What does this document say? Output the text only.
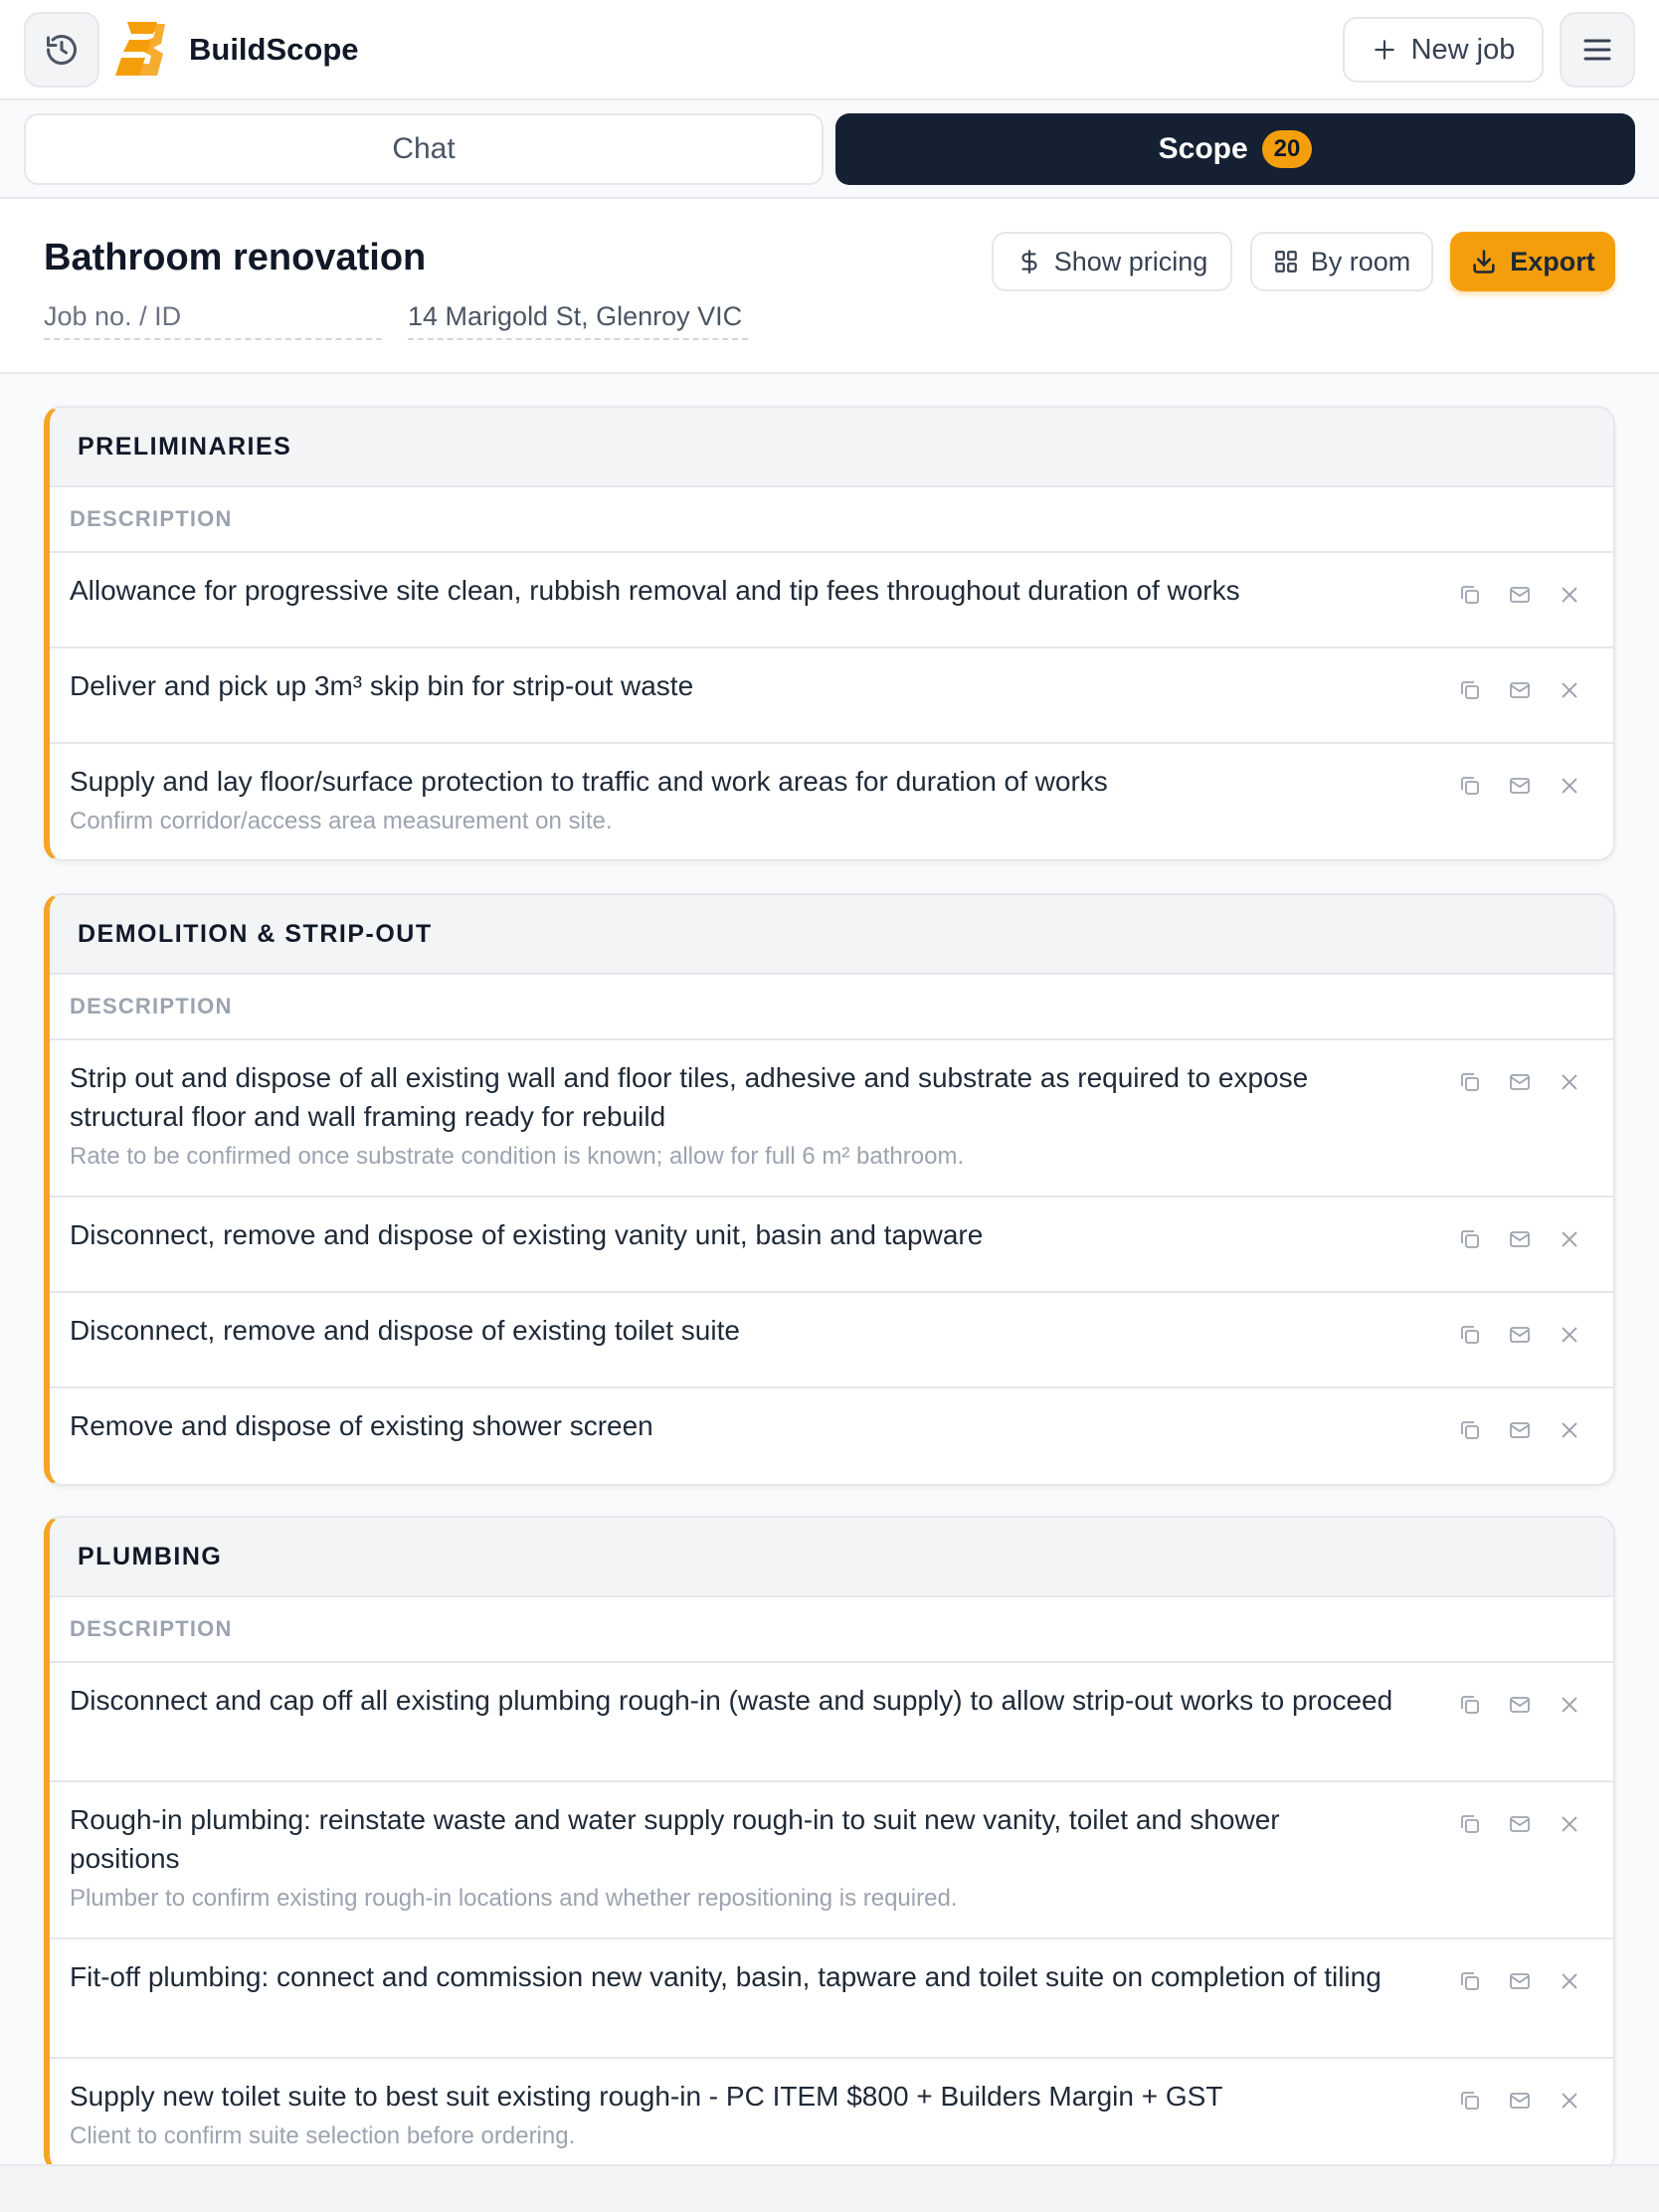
BuildScope	New job
Chat	Scope	20
Bathroom renovation
Job no. / ID	14 Marigold St, Glenroy VIC
Show pricing	By room	Export
PRELIMINARIES
DESCRIPTION
Allowance for progressive site clean, rubbish removal and tip fees throughout duration of works
Deliver and pick up 3m³ skip bin for strip-out waste
Supply and lay floor/surface protection to traffic and work areas for duration of works
Confirm corridor/access area measurement on site.
DEMOLITION & STRIP-OUT
DESCRIPTION
Strip out and dispose of all existing wall and floor tiles, adhesive and substrate as required to expose structural floor and wall framing ready for rebuild
Rate to be confirmed once substrate condition is known; allow for full 6 m² bathroom.
Disconnect, remove and dispose of existing vanity unit, basin and tapware
Disconnect, remove and dispose of existing toilet suite
Remove and dispose of existing shower screen
PLUMBING
DESCRIPTION
Disconnect and cap off all existing plumbing rough-in (waste and supply) to allow strip-out works to proceed
Rough-in plumbing: reinstate waste and water supply rough-in to suit new vanity, toilet and shower positions
Plumber to confirm existing rough-in locations and whether repositioning is required.
Fit-off plumbing: connect and commission new vanity, basin, tapware and toilet suite on completion of tiling
Supply new toilet suite to best suit existing rough-in - PC ITEM $800 + Builders Margin + GST
Client to confirm suite selection before ordering.
